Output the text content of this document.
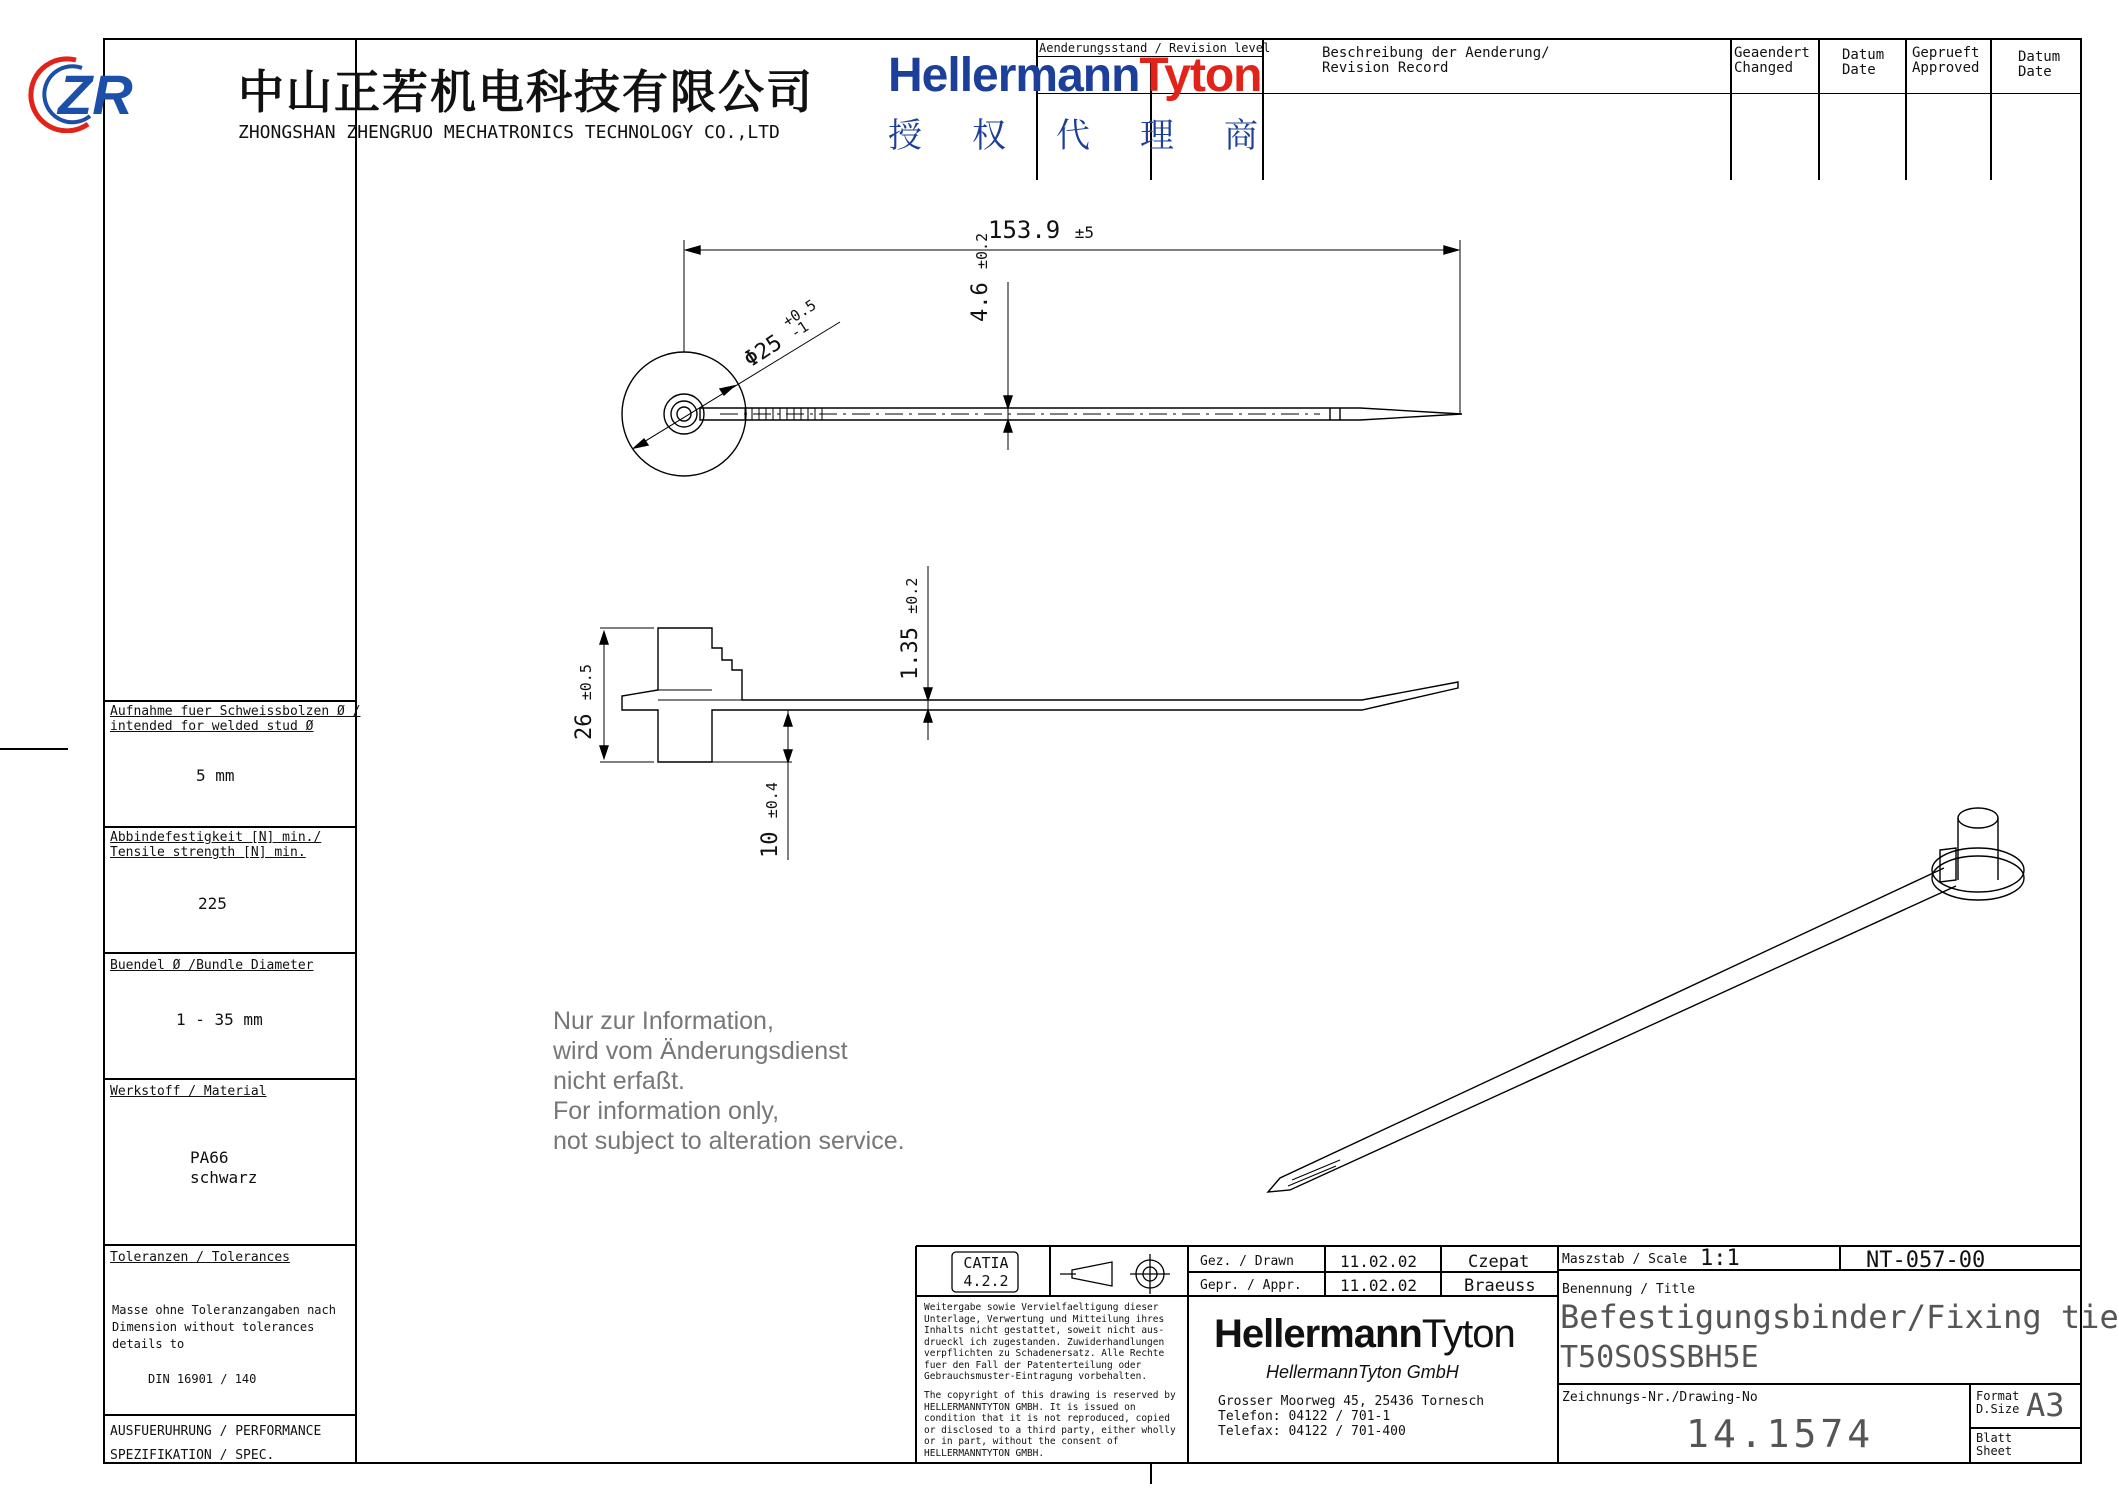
ZR 中山正若机电科技有限公司
ZHONGSHAN ZHENGRUO MECHATRONICS TECHNOLOGY CO.,LTD
HellermannTyton
授 权 代 理 商
Aenderungsstand / Revision level	Beschreibung der Aenderung/
Revision Record
Geaendert
Changed
Datum
Date
Geprueft
Approved
Datum
Date
Aufnahme fuer Schweissbolzen Ø /
intended for welded stud Ø
5 mm
Abbindefestigkeit [N] min./
Tensile strength [N] min.
225
Buendel Ø /Bundle Diameter
1 - 35 mm
Werkstoff / Material
PA66
schwarz
Toleranzen / Tolerances
Masse ohne Toleranzangaben nach
Dimension without tolerances
details to
DIN 16901 / 140
AUSFUERUHRUNG / PERFORMANCE
SPEZIFIKATION / SPEC.
153.9 ±5
4.6 ±0.2
Φ25 +0.5
-1
1.35 ±0.2
26 ±0.5
10 ±0.4
Nur zur Information,
wird vom Änderungsdienst
nicht erfaßt.
For information only,
not subject to alteration service.
CATIA
4.2.2
Gez. / Drawn	11.02.02	Czepat
Gepr. / Appr. 11.02.02	Braeuss
Weitergabe sowie Vervielfaeltigung dieser Unterlage, Verwertung und Mitteilung ihres Inhalts nicht gestattet, soweit nicht aus- drueckl ich zugestanden. Zuwiderhandlungen verpflichten zu Schadenersatz. Alle Rechte fuer den Fall der Patenterteilung oder Gebrauchsmuster-Eintragung vorbehalten.
The copyright of this drawing is reserved by HELLERMANNTYTON GMBH. It is issued on condition that it is not reproduced, copied or disclosed to a third party, either wholly or in part, without the consent of HELLERMANNTYTON GMBH.
HellermannTyton
HellermannTyton GmbH
Grosser Moorweg 45, 25436 Tornesch
Telefon: 04122 / 701-1
Telefax: 04122 / 701-400
Maszstab / Scale 1:1	NT-057-00
Benennung / Title
Befestigungsbinder/Fixing tie
T50SOSSBH5E
Zeichnungs-Nr./Drawing-No
14.1574
Format
D.Size A3
Blatt
Sheet
